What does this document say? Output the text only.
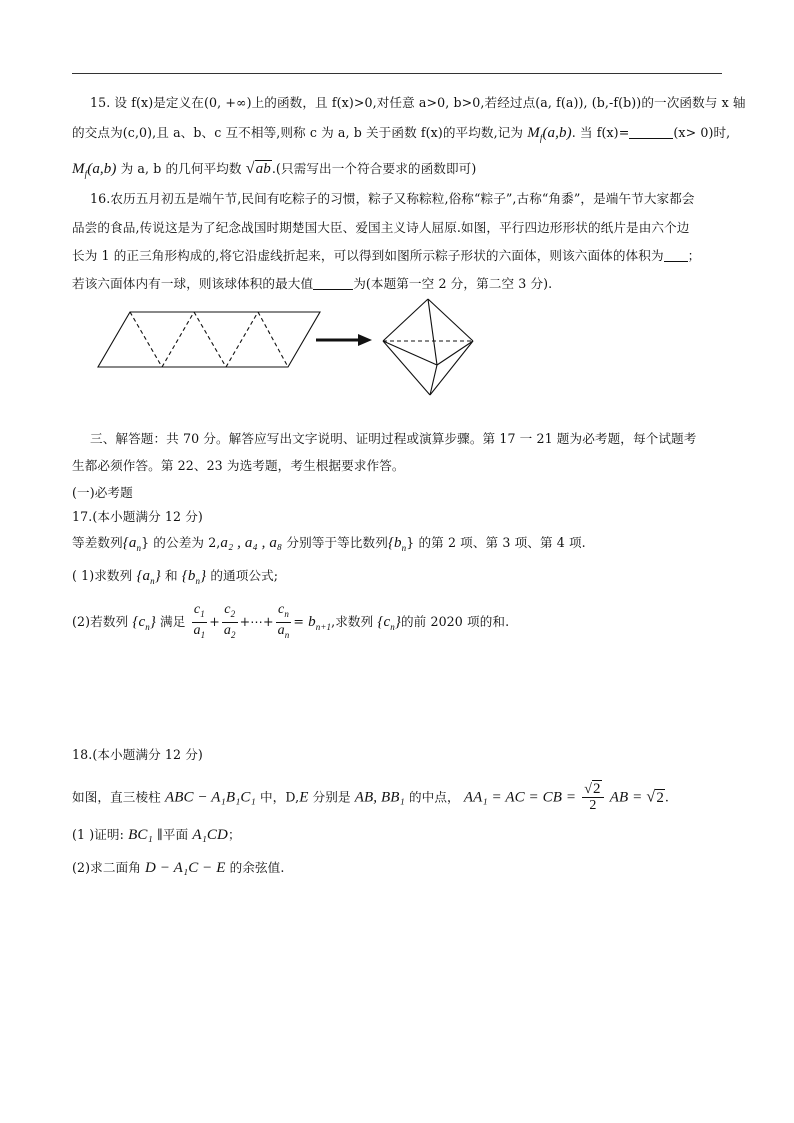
15. 设 f(x)是定义在(0, +∞)上的函数，且 f(x)>0,对任意 a>0, b>0,若经过点(a, f(a)), (b,-f(b))的一次函数与 x 轴
的交点为(c,0),且 a、b、c 互不相等,则称 c 为 a, b 关于函数 f(x)的平均数,记为 $M_f(a,b)$. 当 f(x)=	(x> 0)时,
$M_f(a,b)$ 为 a, b 的几何平均数 √ab.(只需写出一个符合要求的函数即可)
16.农历五月初五是端午节,民间有吃粽子的习惯，粽子又称粽粒,俗称“粽子”,古称“角黍”，是端午节大家都会
品尝的食品,传说这是为了纪念战国时期楚国大臣、爱国主义诗人屈原.如图，平行四边形形状的纸片是由六个边
长为 1 的正三角形构成的,将它沿虚线折起来，可以得到如图所示粽子形状的六面体，则该六面体的体积为 ；
若该六面体内有一球，则该球体积的最大值	为(本题第一空 2 分，第二空 3 分).
三、解答题：共 70 分。解答应写出文字说明、证明过程或演算步骤。第 17 一 21 题为必考题，每个试题考
生都必须作答。第 22、23 为选考题，考生根据要求作答。
(一)必考题
17.(本小题满分 12 分)
等差数列$\{a_n\}$ 的公差为 2,a₂ , a₄ , a₈ 分别等于等比数列$\{b_n\}$ 的第 2 项、第 3 项、第 4 项.
( 1)求数列 $\{a_n\}$ 和 $\{b_n\}$ 的通项公式;
(2)若数列 $\{c_n\}$ 满足 $\frac{c_1}{a_1} + \frac{c_2}{a_2}$ +⋯+ $\frac{c_n}{a_n} = b_{n+1}$,求数列 $\{c_n\}$的前 2020 项的和.
18.(本小题满分 12 分)
如图，直三棱柱 ABC − A₁B₁C₁ 中，D,E 分别是 AB, BB₁ 的中点， AA₁ = AC = CB = $\frac{√2}{2}$ AB = √2.
(1 )证明: BC₁ ∥平面 A₁CD；
(2)求二面角 D − A₁C − E 的余弦值.
